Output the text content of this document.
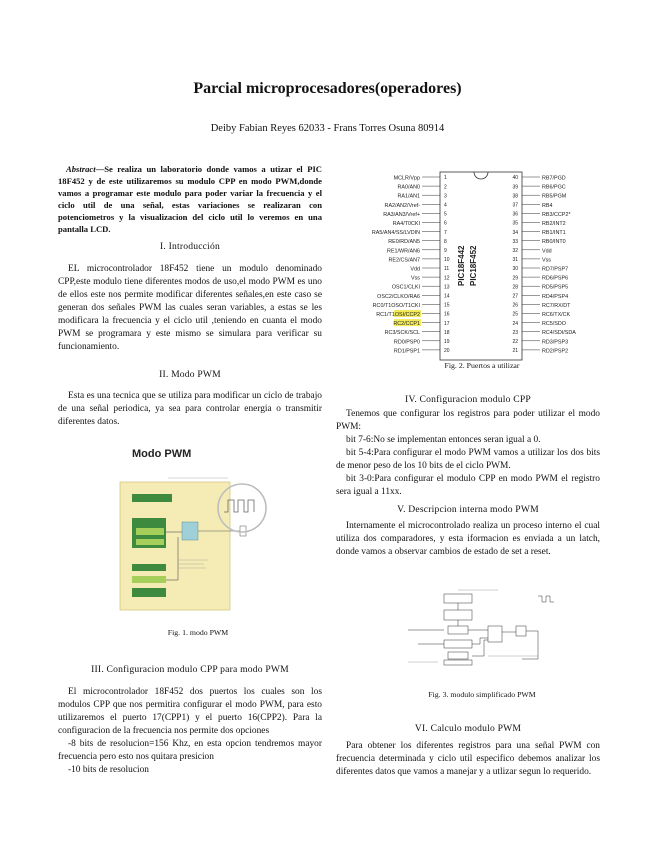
Parcial microprocesadores(operadores)
Deiby Fabian Reyes 62033 - Frans Torres Osuna 80914
Abstract—Se realiza un laboratorio donde vamos a utizar el PIC 18F452 y de este utilizaremos su modulo CPP en modo PWM,donde vamos a programar este modulo para poder variar la frecuencia y el ciclo util de una señal, estas variaciones se realizaran con potenciometros y la visualizacion del ciclo util lo veremos en una pantalla LCD.
I. Introducción

EL microcontrolador 18F452 tiene un modulo denominado CPP,este modulo tiene diferentes modos de uso,el modo PWM es uno de ellos este nos permite modificar diferentes señales,en este caso se generan dos señales PWM las cuales seran variables, a estas se les modificara la frecuencia y el ciclo util ,teniendo en cuanta el modo PWM se programara y este mismo se simulara para verificar su funcionamiento.

II. Modo PWM

Esta es una tecnica que se utiliza para modificar un ciclo de trabajo de una señal periodica, ya sea para controlar energia o transmitir diferentes datos.

Modo PWM
Fig. 1. modo PWM
III. Configuracion modulo CPP para modo PWM

El microcontrolador 18F452 dos puertos los cuales son los modulos CPP que nos permitira configurar el modo PWM, para esto utilizaremos el puerto 17(CPP1) y el puerto 16(CPP2). Para la configuracion de la frecuencia nos permite dos opciones

-8 bits de resolucion=156 Khz, en esta opcion tendremos mayor frecuencia pero esto nos quitara presicion

-10 bits de resolucion

PIC18F442 PIC18F452
MCLR/Vpp	1
RA0/AN0	2
RA1/AN1	3
RA2/AN2/Vref-	4
RA3/AN3/Vref+	5
RA4/T0CKI	6
RA5/AN4/SS/LVDIN	7
RE0/RD/AN5	8
RE1/WR/AN6	9
RE2/CS/AN7	10
Vdd	11
Vss	12
OSC1/CLKI	13
OSC2/CLKO/RA6	14
RC0/T1OSO/T1CKI	15
RC1/T1OSI/CCP2	16
RC2/CCP1	17
RC3/SCK/SCL	18
RD0/PSP0	19
RD1/PSP1	20
40	RB7/PGD
39	RB6/PGC
38	RB5/PGM
37	RB4
36	RB3/CCP2*
35	RB2/INT2
34	RB1/INT1
33	RB0/INT0
32	Vdd
31	Vss
30	RD7/PSP7
29	RD6/PSP6
28	RD5/PSP5
27	RD4/PSP4
26	RC7/RX/DT
25	RC6/TX/CK
24	RC5/SDO
23	RC4/SDI/SDA
22	RD3/PSP3
21	RD2/PSP2
Fig. 2. Puertos a utilizar
IV. Configuracion modulo CPP

Tenemos que configurar los registros para poder utilizar el modo PWM:

bit 7-6:No se implementan entonces seran igual a 0.

bit 5-4:Para configurar el modo PWM vamos a utilizar los dos bits de menor peso de los 10 bits de el ciclo PWM.

bit 3-0:Para configurar el modulo CPP en modo PWM el registro sera igual a 11xx.

V. Descripcion interna modo PWM

Internamente el microcontrolado realiza un proceso interno el cual utiliza dos comparadores, y esta iformacion es enviada a un latch, donde vamos a observar cambios de estado de set a reset.

Fig. 3. modulo simplificado PWM
VI. Calculo modulo PWM

Para obtener los diferentes registros para una señal PWM con frecuencia determinada y ciclo util especifico debemos analizar los diferentes datos que vamos a manejar y a utlizar segun lo requerido.
